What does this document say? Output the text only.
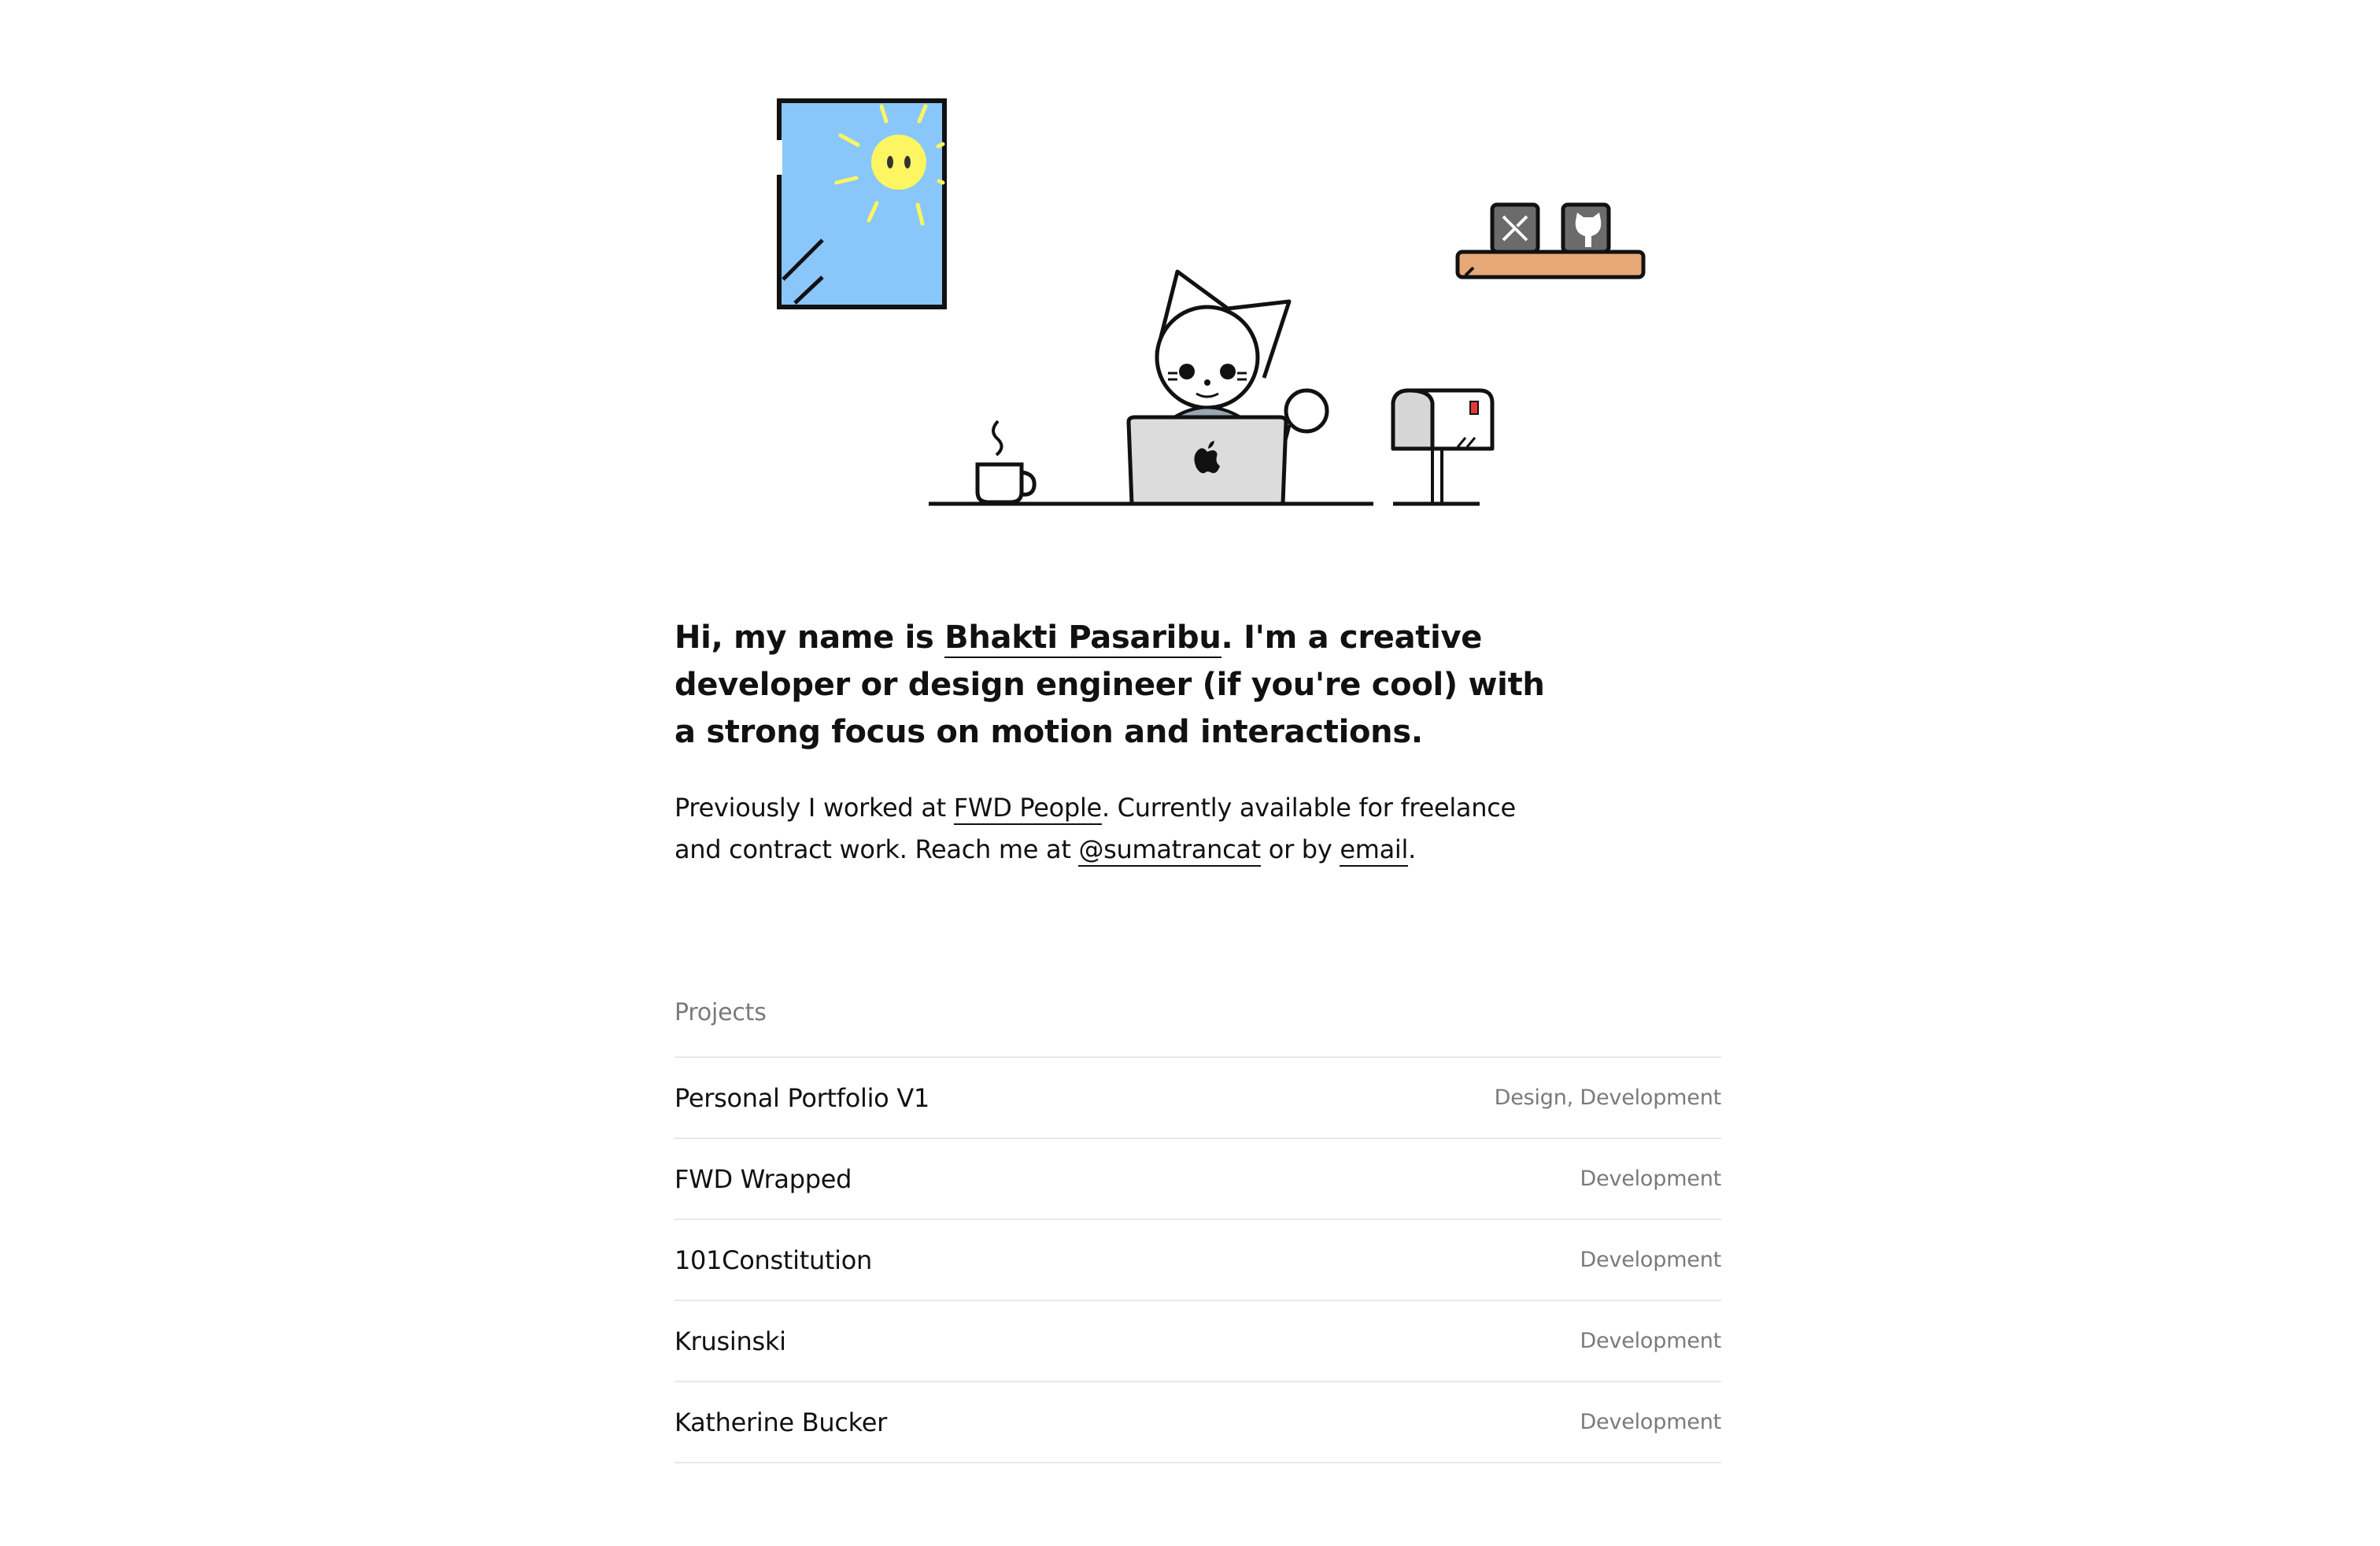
Hi, my name is Bhakti Pasaribu. I'm a creative developer or design engineer (if you're cool) with a strong focus on motion and interactions.

Previously I worked at FWD People. Currently available for freelance and contract work. Reach me at @sumatrancat or by email.

Projects
Personal Portfolio V1	Design, Development
FWD Wrapped	Development
101Constitution	Development
Krusinski	Development
Katherine Bucker	Development
